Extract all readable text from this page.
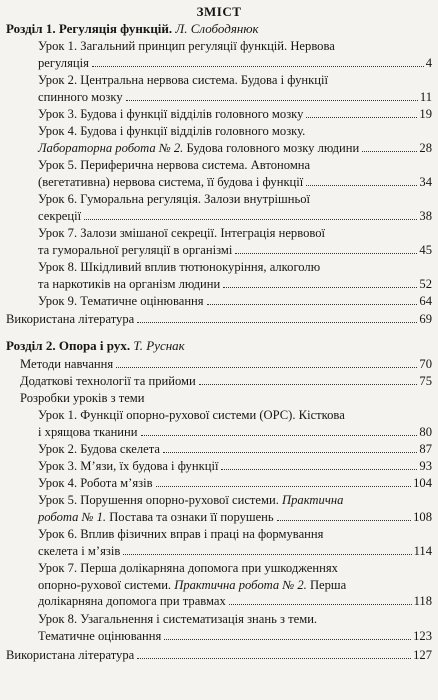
ЗМІСТ
Розділ 1. Регуляція функцій. Л. Слободянюк
Урок 1. Загальний принцип регуляції функцій. Нервова
регуляція	4
Урок 2. Центральна нервова система. Будова і функції
спинного мозку	11
Урок 3. Будова і функції відділів головного мозку	19
Урок 4. Будова і функції відділів головного мозку.
Лабораторна робота № 2. Будова головного мозку людини	28
Урок 5. Периферична нервова система. Автономна
(вегетативна) нервова система, її будова і функції	34
Урок 6. Гуморальна регуляція. Залози внутрішньої
секреції	38
Урок 7. Залози змішаної секреції. Інтеграція нервової
та гуморальної регуляції в організмі	45
Урок 8. Шкідливий вплив тютюнокуріння, алкоголю
та наркотиків на організм людини	52
Урок 9. Тематичне оцінювання	64
Використана література	69
Розділ 2. Опора і рух. Т. Руснак
Методи навчання	70
Додаткові технології та прийоми	75
Розробки уроків з теми
Урок 1. Функції опорно-рухової системи (ОРС). Кісткова
і хрящова тканини	80
Урок 2. Будова скелета	87
Урок 3. М’язи, їх будова і функції	93
Урок 4. Робота м’язів	104
Урок 5. Порушення опорно-рухової системи. Практична
робота № 1. Постава та ознаки її порушень	108
Урок 6. Вплив фізичних вправ і праці на формування
скелета і м’язів	114
Урок 7. Перша долікарняна допомога при ушкодженнях
опорно-рухової системи. Практична робота № 2. Перша
долікарняна допомога при травмах	118
Урок 8. Узагальнення і систематизація знань з теми.
Тематичне оцінювання	123
Використана література	127
